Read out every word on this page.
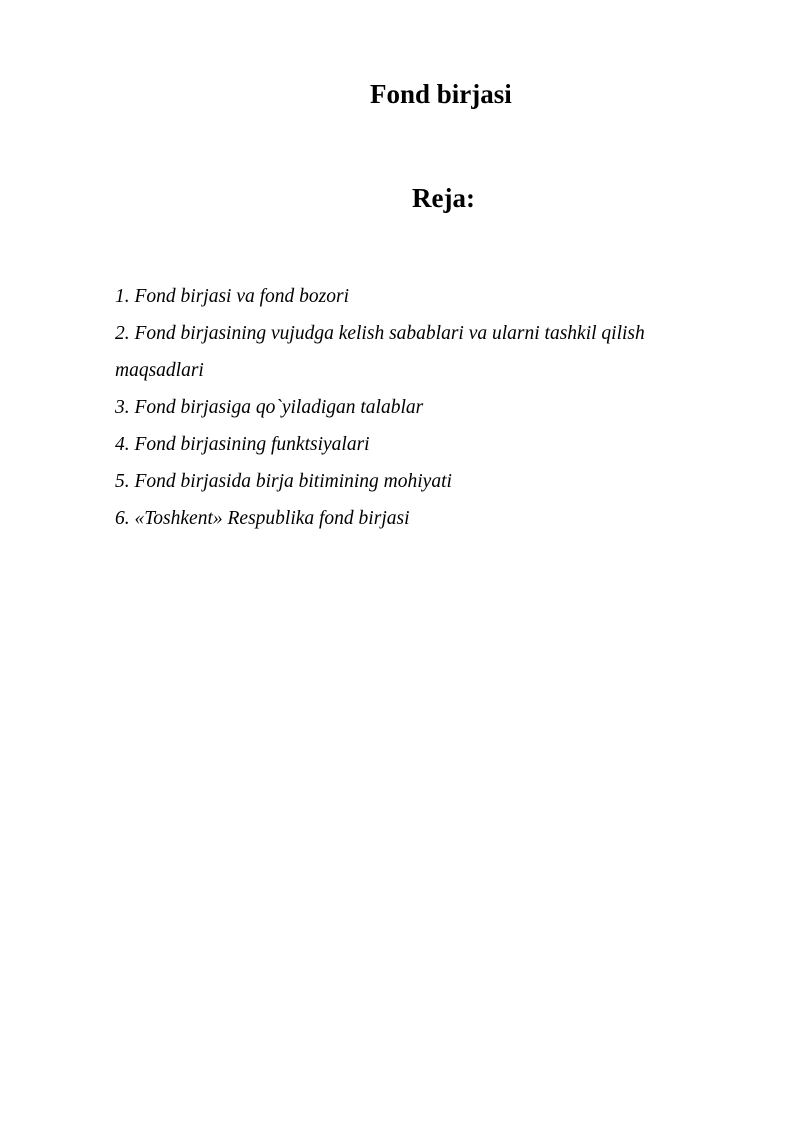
Fond birjasi
Reja:
1. Fond birjasi va fond bozori
2. Fond birjasining vujudga kelish sabablari va ularni tashkil qilish maqsadlari
3. Fond birjasiga qo`yiladigan talablar
4. Fond birjasining funktsiyalari
5. Fond birjasida birja bitimining mohiyati
6. «Toshkent» Respublika fond birjasi
